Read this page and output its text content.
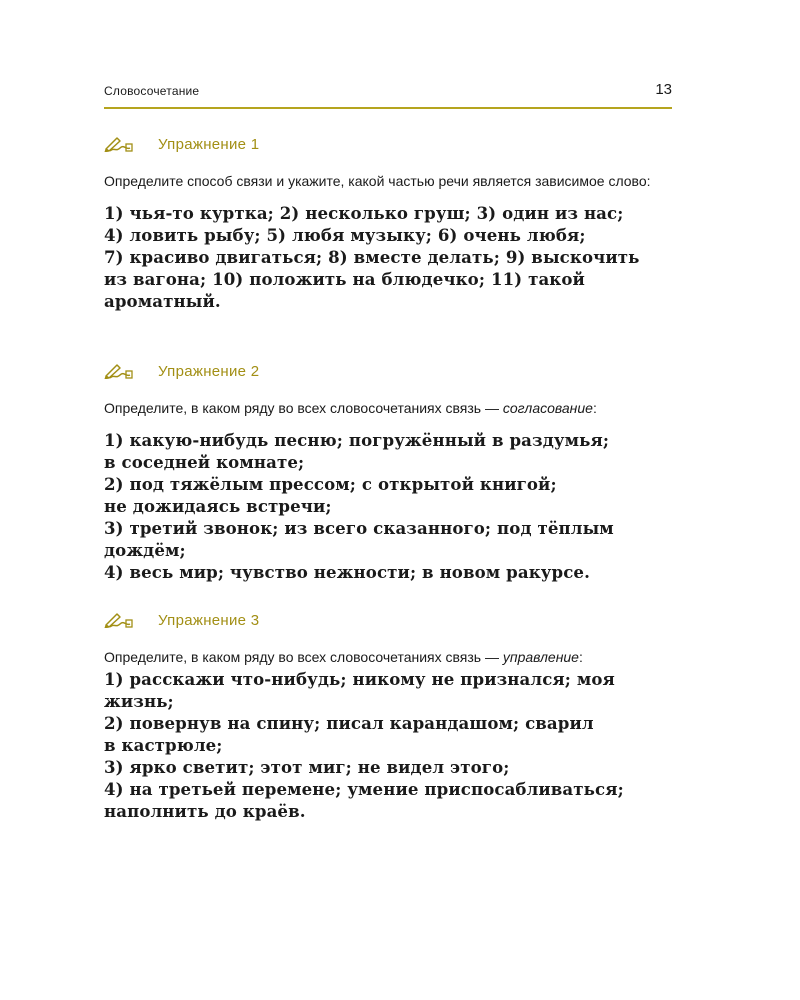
Словосочетание	13
Упражнение 1
Определите способ связи и укажите, какой частью речи является зависимое слово:
1) чья-то куртка; 2) несколько груш; 3) один из нас;
4) ловить рыбу; 5) любя музыку; 6) очень любя;
7) красиво двигаться; 8) вместе делать; 9) выскочить
из вагона; 10) положить на блюдечко; 11) такой
ароматный.
Упражнение 2
Определите, в каком ряду во всех словосочетаниях связь — согласование:
1) какую-нибудь песню; погружённый в раздумья;
в соседней комнате;
2) под тяжёлым прессом; с открытой книгой;
не дожидаясь встречи;
3) третий звонок; из всего сказанного; под тёплым
дождём;
4) весь мир; чувство нежности; в новом ракурсе.
Упражнение 3
Определите, в каком ряду во всех словосочетаниях связь — управление:
1) расскажи что-нибудь; никому не признался; моя
жизнь;
2) повернув на спину; писал карандашом; сварил
в кастрюле;
3) ярко светит; этот миг; не видел этого;
4) на третьей перемене; умение приспосабливаться;
наполнить до краёв.
